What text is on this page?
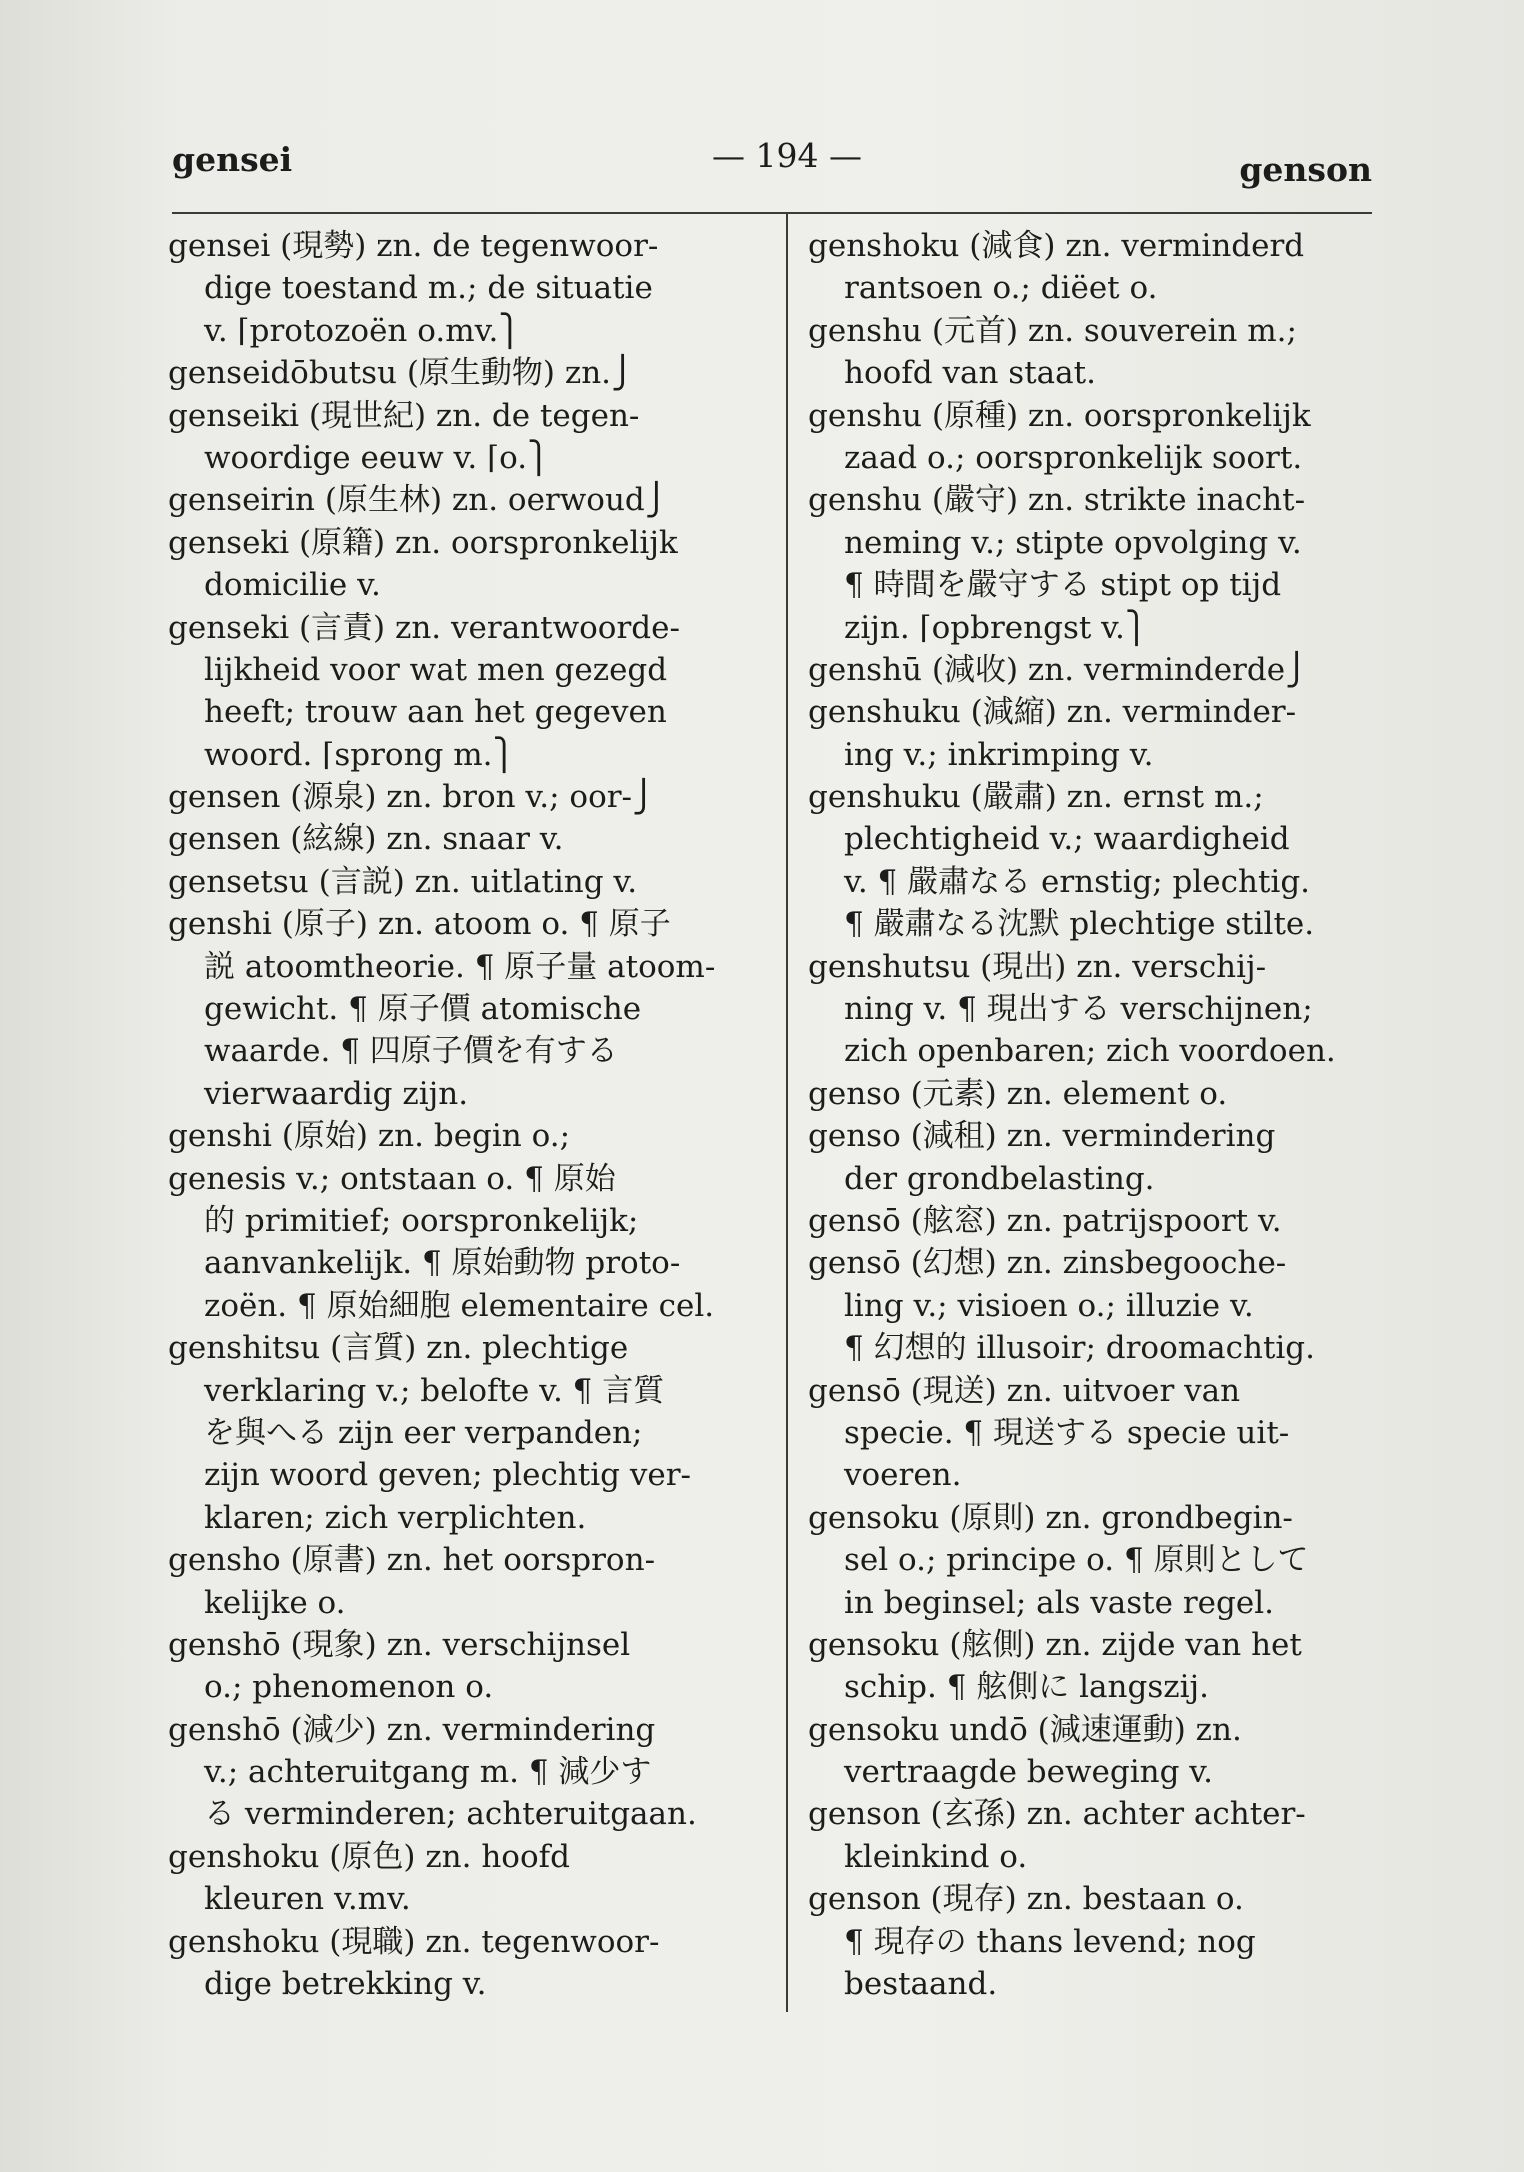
gensei	— 194 —	genson

gensei (現勢) zn. de tegenwoor-
dige toestand m.; de situatie
v. ⌈protozoën o.mv.⎫
genseidōbutsu (原生動物) zn.⎭

genseiki (現世紀) zn. de tegen-
woordige eeuw v. ⌈o.⎫
genseirin (原生林) zn. oerwoud⎭

genseki (原籍) zn. oorspronkelijk
domicilie v.

genseki (言責) zn. verantwoorde-
lijkheid voor wat men gezegd
heeft; trouw aan het gegeven
woord. ⌈sprong m.⎫
gensen (源泉) zn. bron v.; oor-⎭

gensen (絃線) zn. snaar v.

gensetsu (言説) zn. uitlating v.

genshi (原子) zn. atoom o. ¶ 原子
説 atoomtheorie. ¶ 原子量 atoom-
gewicht. ¶ 原子價 atomische
waarde. ¶ 四原子價を有する
vierwaardig zijn.

genshi (原始) zn. begin o.;
genesis v.; ontstaan o. ¶ 原始
的 primitief; oorspronkelijk;
aanvankelijk. ¶ 原始動物 proto-
zoën. ¶ 原始細胞 elementaire cel.

genshitsu (言質) zn. plechtige
verklaring v.; belofte v. ¶ 言質
を與へる zijn eer verpanden;
zijn woord geven; plechtig ver-
klaren; zich verplichten.

gensho (原書) zn. het oorspron-
kelijke o.

genshō (現象) zn. verschijnsel
o.; phenomenon o.

genshō (減少) zn. vermindering
v.; achteruitgang m. ¶ 減少す
る verminderen; achteruitgaan.

genshoku (原色) zn. hoofd
kleuren v.mv.

genshoku (現職) zn. tegenwoor-
dige betrekking v.

genshoku (減食) zn. verminderd
rantsoen o.; diëet o.

genshu (元首) zn. souverein m.;
hoofd van staat.

genshu (原種) zn. oorspronkelijk
zaad o.; oorspronkelijk soort.

genshu (嚴守) zn. strikte inacht-
neming v.; stipte opvolging v.
¶ 時間を嚴守する stipt op tijd
zijn. ⌈opbrengst v.⎫
genshū (減收) zn. verminderde⎭

genshuku (減縮) zn. verminder-
ing v.; inkrimping v.

genshuku (嚴肅) zn. ernst m.;
plechtigheid v.; waardigheid
v. ¶ 嚴肅なる ernstig; plechtig.
¶ 嚴肅なる沈默 plechtige stilte.

genshutsu (現出) zn. verschij-
ning v. ¶ 現出する verschijnen;
zich openbaren; zich voordoen.

genso (元素) zn. element o.

genso (減租) zn. vermindering
der grondbelasting.

gensō (舷窓) zn. patrijspoort v.

gensō (幻想) zn. zinsbegooche-
ling v.; visioen o.; illuzie v.
¶ 幻想的 illusoir; droomachtig.

gensō (現送) zn. uitvoer van
specie. ¶ 現送する specie uit-
voeren.

gensoku (原則) zn. grondbegin-
sel o.; principe o. ¶ 原則として
in beginsel; als vaste regel.

gensoku (舷側) zn. zijde van het
schip. ¶ 舷側に langszij.

gensoku undō (減速運動) zn.
vertraagde beweging v.

genson (玄孫) zn. achter achter-
kleinkind o.

genson (現存) zn. bestaan o.
¶ 現存の thans levend; nog
bestaand.
